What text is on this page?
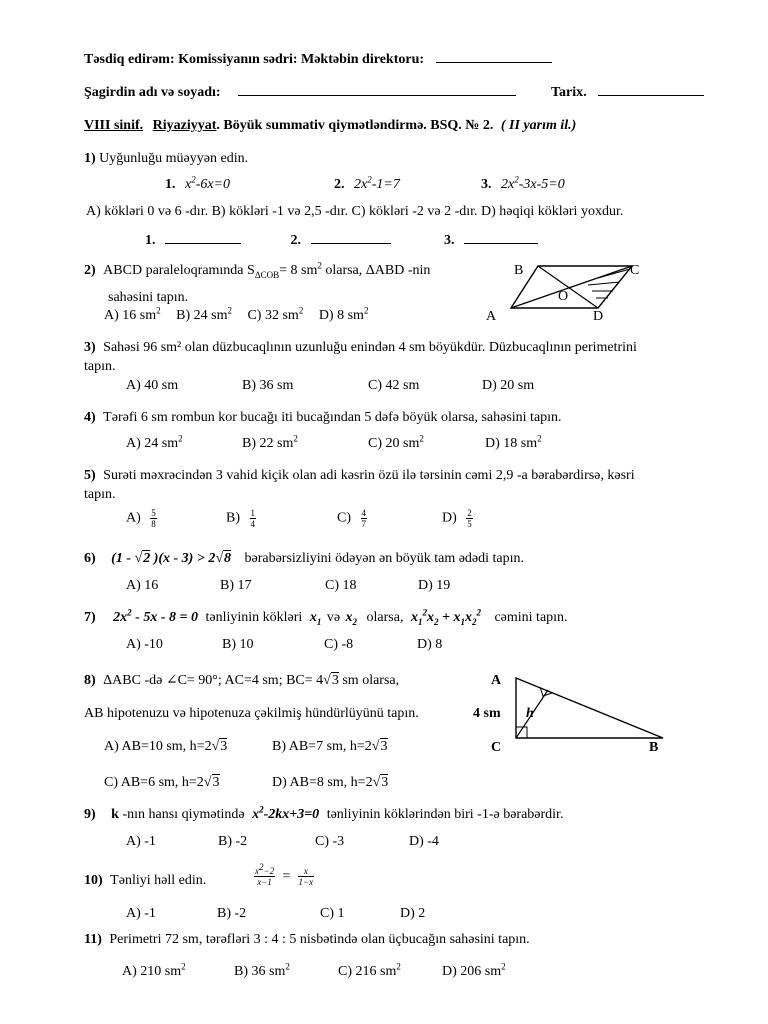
Təsdiq edirəm: Komissiyanın sədri: Məktəbin direktoru:
Şagirdin adı və soyadı:	Tarix.
VIII sinif. Riyaziyyat. Böyük summativ qiymətləndirmə. BSQ. № 2. ( II yarım il.)
1) Uyğunluğu müəyyən edin.
1. $x^2-6x=0$	2. $2x^2-1=7$	3. $2x^2-3x-5=0$
A) kökləri 0 və 6 -dır. B) kökləri -1 və 2,5 -dır. C) kökləri -2 və 2 -dır. D) həqiqi kökləri yoxdur.
1.	2.	3.
2) ABCD paraleloqramında $S_{\Delta COB}= 8$ $sm^2$ olarsa, ΔABD -nin
sahəsini tapın.
A) 16 $sm^2$ B) 24 $sm^2$ C) 32 $sm^2$ D) 8 $sm^2$
B	C
O
A	D
3) Sahəsi 96 sm² olan düzbucaqlının uzunluğu enindən 4 sm böyükdür. Düzbucaqlının perimetrini
tapın.
A) 40 sm	B) 36 sm	C) 42 sm	D) 20 sm
4) Tərəfi 6 sm rombun kor bucağı iti bucağından 5 dəfə böyük olarsa, sahəsini tapın.
A) 24 $sm^2$	B) 22 $sm^2$	C) 20 $sm^2$	D) 18 $sm^2$
5) Surəti məxrəcindən 3 vahid kiçik olan adi kəsrin özü ilə tərsinin cəmi 2,9 -a bərabərdirsə, kəsri
tapın.
$A) \frac{5}{8}$	$B) \frac{1}{4}$	$C) \frac{4}{7}$	$D) \frac{2}{5}$
6) (1 - √2 )(x - 3) > 2√8 bərabərsizliyini ödəyən ən böyük tam ədədi tapın.
A) 16	B) 17	C) 18	D) 19
7) $2x^2 - 5x - 8 = 0$ tənliyinin kökləri $x_1$ və $x_2$ olarsa, $x_1^2x_2 + x_1x_2^2$ cəmini tapın.
A) -10	B) 10	C) -8	D) 8
8) ΔABC -də ∠C= 90°; AC=4 sm; BC= 4√3 sm olarsa,
AB hipotenuzu və hipotenuza çəkilmiş hündürlüyünü tapın.
A) AB=10 sm, h=2√3	B) AB=7 sm, h=2√3
C) AB=6 sm, h=2√3	D) AB=8 sm, h=2√3
A
4 sm h
C	B
9) k -nın hansı qiymətində $x^2-2kx+3=0$ tənliyinin köklərindən biri -1-ə bərabərdir.
A) -1	B) -2	C) -3	D) -4
10) Tənliyi həll edin.	$\frac{x^2-2}{x-1} = \frac{x}{1-x}$
A) -1	B) -2	C) 1	D) 2
11) Perimetri 72 sm, tərəfləri 3 : 4 : 5 nisbətində olan üçbucağın sahəsini tapın.
A) 210 $sm^2$	B) 36 $sm^2$	C) 216 $sm^2$	D) 206 $sm^2$
